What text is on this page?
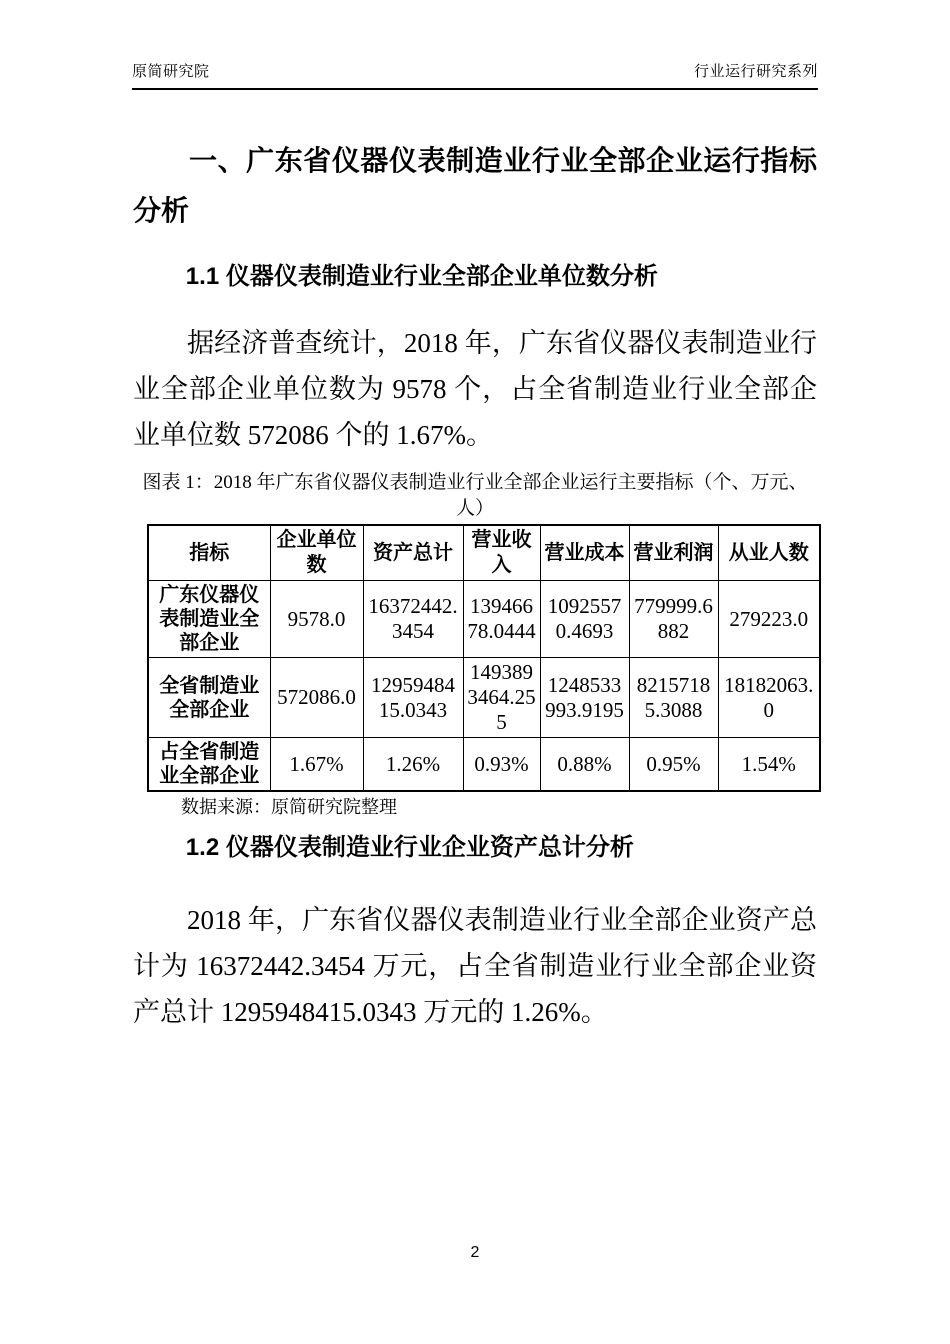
原简研究院	行业运行研究系列
一、广东省仪器仪表制造业行业全部企业运行指标分析
1.1 仪器仪表制造业行业全部企业单位数分析
据经济普查统计，2018 年，广东省仪器仪表制造业行业全部企业单位数为 9578 个，占全省制造业行业全部企业单位数 572086 个的 1.67%。
图表 1：2018 年广东省仪器仪表制造业行业全部企业运行主要指标（个、万元、人）
指标	企业单位数	资产总计	营业收入	营业成本	营业利润	从业人数
广东仪器仪表制造业全部企业	9578.0	16372442.3454	13946678.0444	10925570.4693	779999.6882	279223.0
全省制造业全部企业	572086.0	1295948415.0343	1493893464.255	1248533993.9195	82157185.3088	18182063.0
占全省制造业全部企业	1.67%	1.26%	0.93%	0.88%	0.95%	1.54%
数据来源：原简研究院整理
1.2 仪器仪表制造业行业企业资产总计分析
2018 年，广东省仪器仪表制造业行业全部企业资产总计为 16372442.3454 万元，占全省制造业行业全部企业资产总计 1295948415.0343 万元的 1.26%。
2
